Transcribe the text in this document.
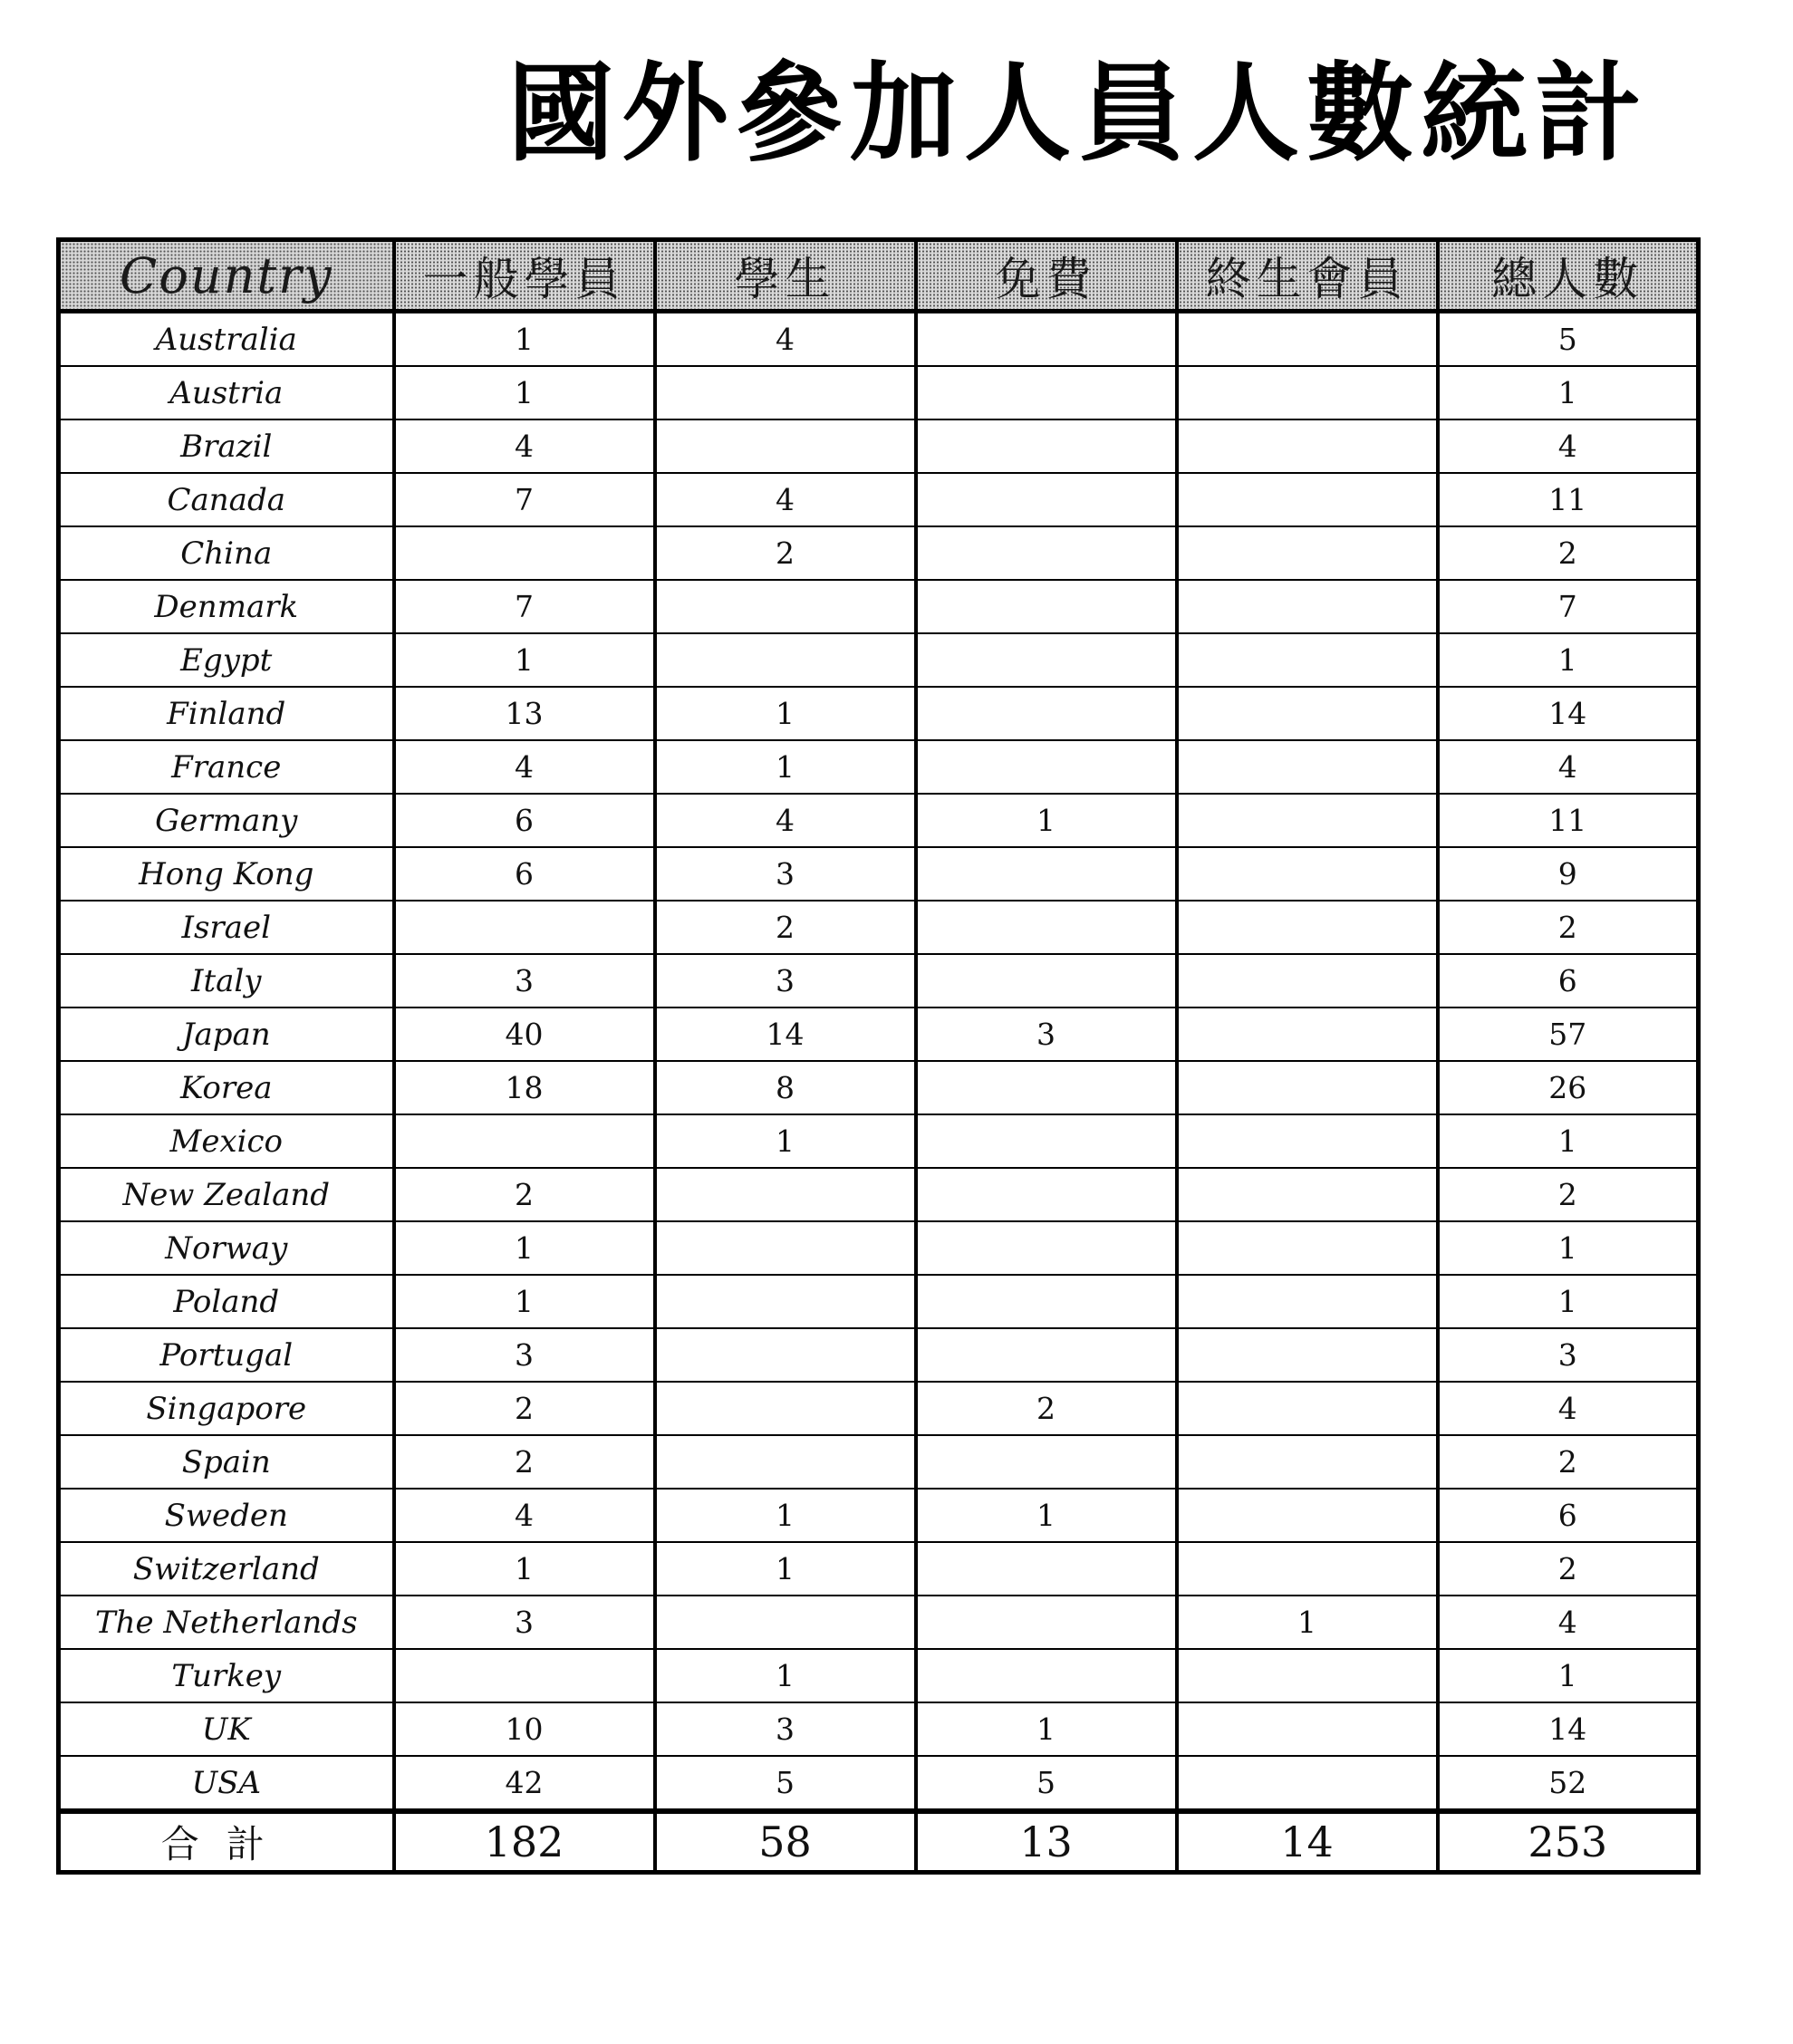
國外參加人員人數統計
Country	一般學員	學生	免費	終生會員	總人數
Australia	1	4			5
Austria	1				1
Brazil	4				4
Canada	7	4			11
China		2			2
Denmark	7				7
Egypt	1				1
Finland	13	1			14
France	4	1			4
Germany	6	4	1		11
Hong Kong	6	3			9
Israel		2			2
Italy	3	3			6
Japan	40	14	3		57
Korea	18	8			26
Mexico		1			1
New Zealand	2				2
Norway	1				1
Poland	1				1
Portugal	3				3
Singapore	2		2		4
Spain	2				2
Sweden	4	1	1		6
Switzerland	1	1			2
The Netherlands	3			1	4
Turkey		1			1
UK	10	3	1		14
USA	42	5	5		52
合計	182	58	13	14	253
